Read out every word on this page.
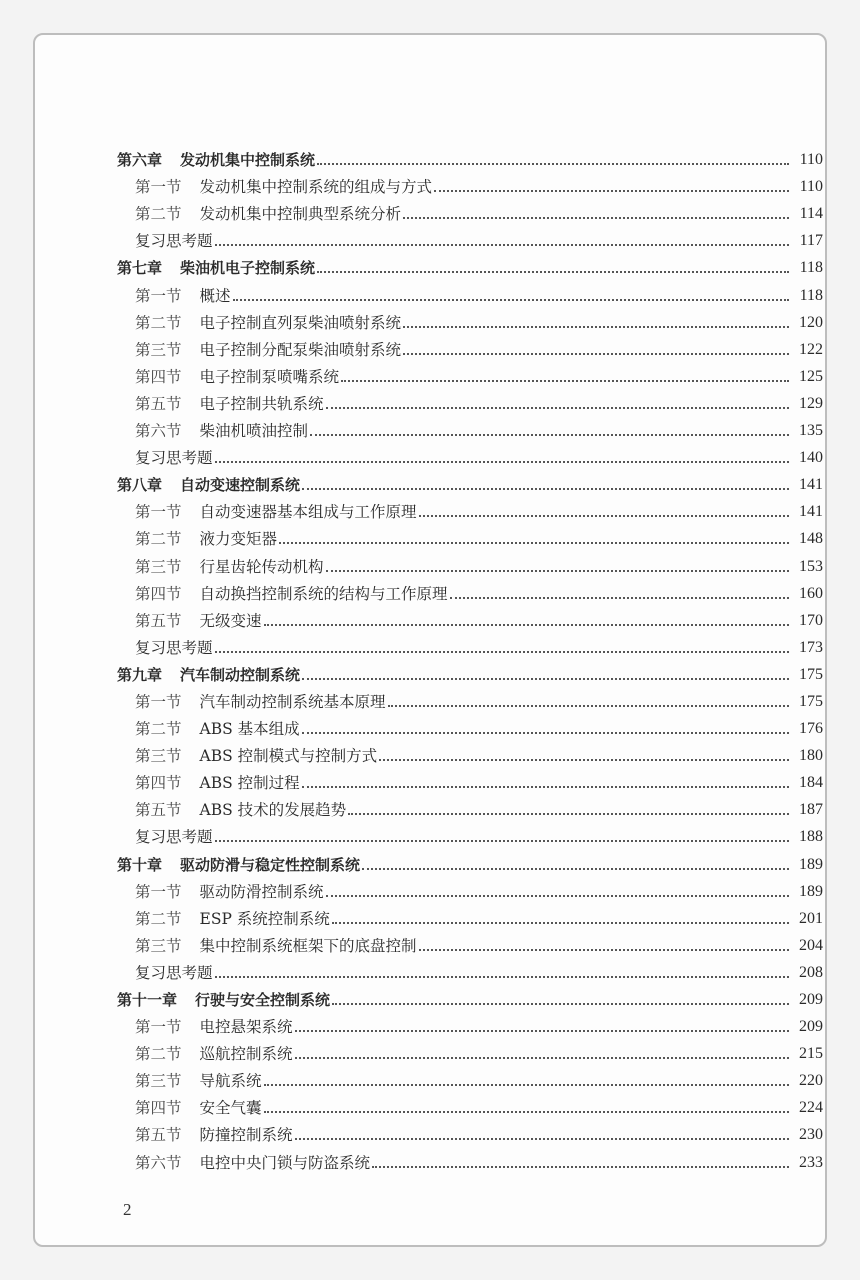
第六章 发动机集中控制系统	110
第一节 发动机集中控制系统的组成与方式	110
第二节 发动机集中控制典型系统分析	114
复习思考题	117
第七章 柴油机电子控制系统	118
第一节 概述	118
第二节 电子控制直列泵柴油喷射系统	120
第三节 电子控制分配泵柴油喷射系统	122
第四节 电子控制泵喷嘴系统	125
第五节 电子控制共轨系统	129
第六节 柴油机喷油控制	135
复习思考题	140
第八章 自动变速控制系统	141
第一节 自动变速器基本组成与工作原理	141
第二节 液力变矩器	148
第三节 行星齿轮传动机构	153
第四节 自动换挡控制系统的结构与工作原理	160
第五节 无级变速	170
复习思考题	173
第九章 汽车制动控制系统	175
第一节 汽车制动控制系统基本原理	175
第二节 ABS 基本组成	176
第三节 ABS 控制模式与控制方式	180
第四节 ABS 控制过程	184
第五节 ABS 技术的发展趋势	187
复习思考题	188
第十章 驱动防滑与稳定性控制系统	189
第一节 驱动防滑控制系统	189
第二节 ESP 系统控制系统	201
第三节 集中控制系统框架下的底盘控制	204
复习思考题	208
第十一章 行驶与安全控制系统	209
第一节 电控悬架系统	209
第二节 巡航控制系统	215
第三节 导航系统	220
第四节 安全气囊	224
第五节 防撞控制系统	230
第六节 电控中央门锁与防盗系统	233
2
